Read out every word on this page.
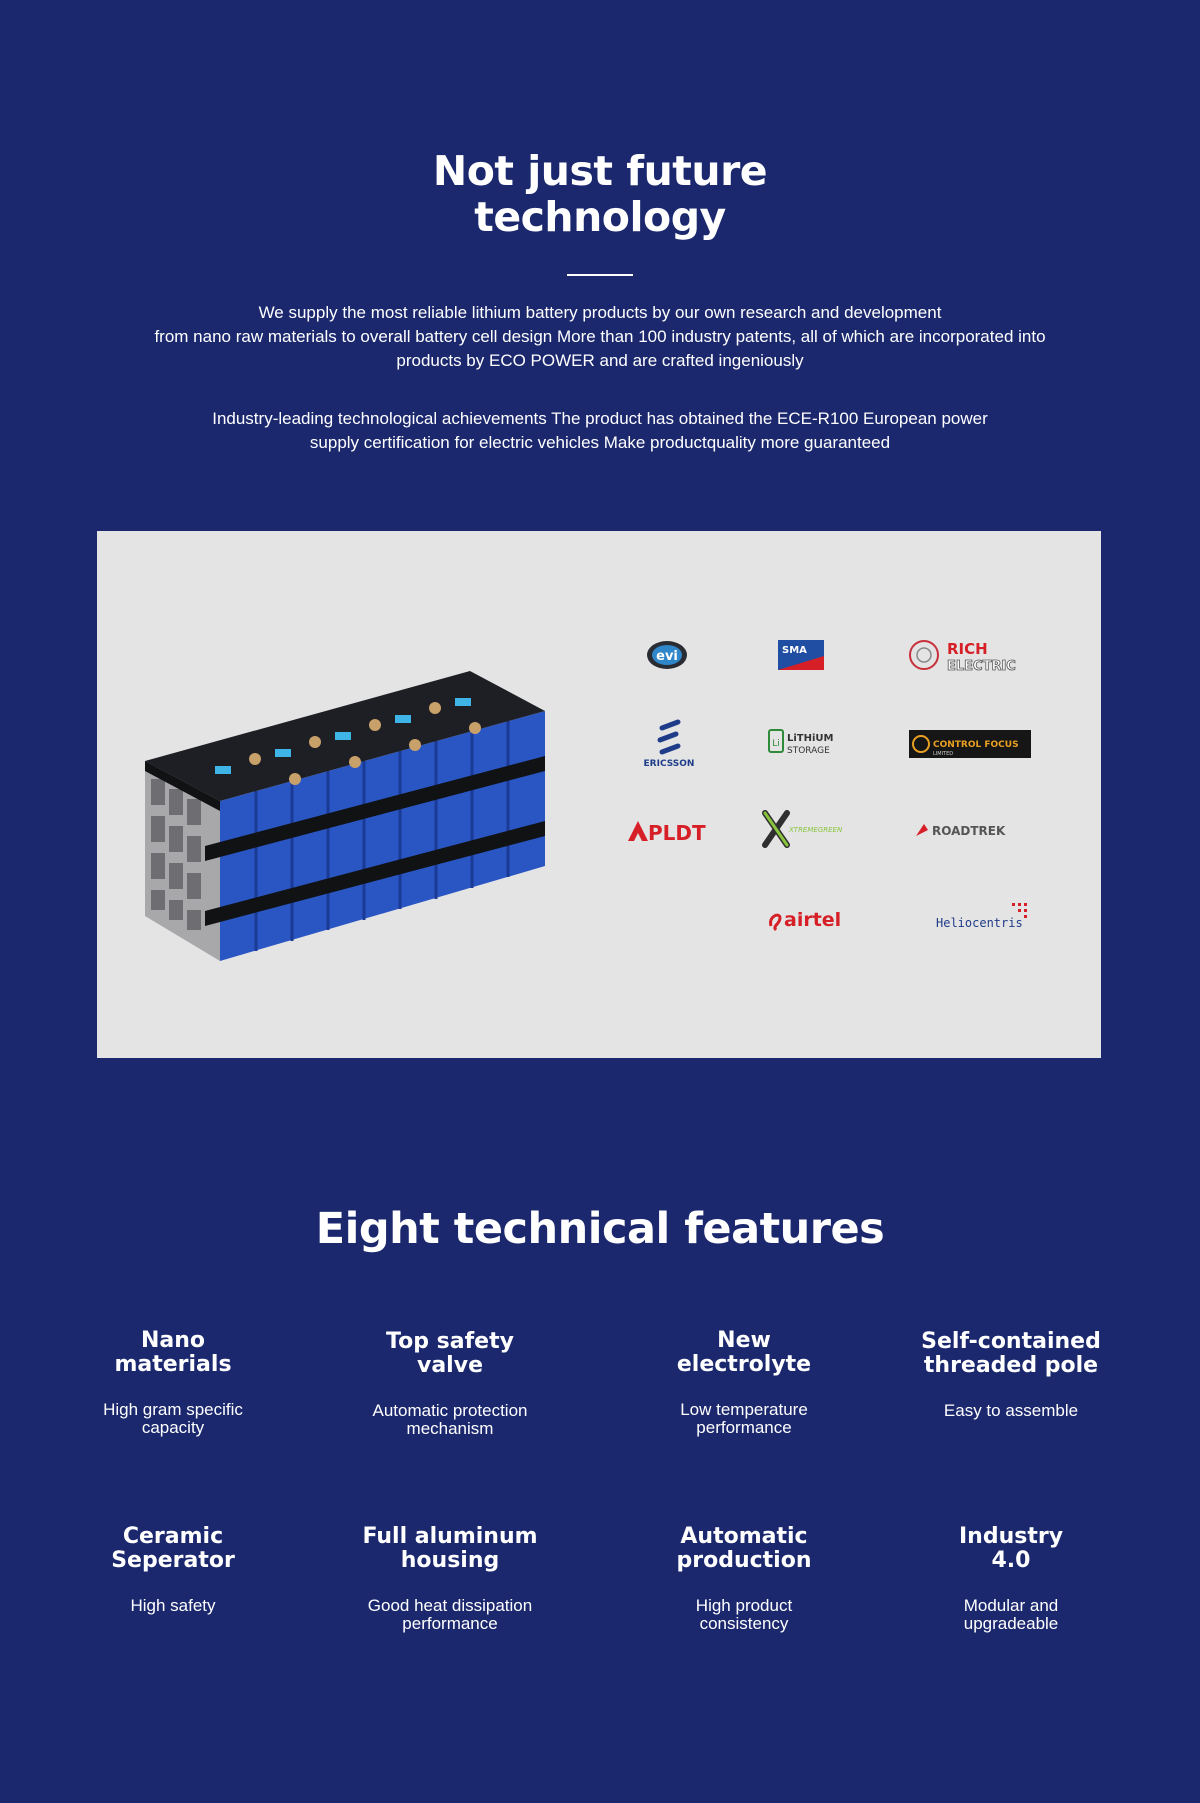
Not just future
technology
We supply the most reliable lithium battery products by our own research and development
from nano raw materials to overall battery cell design More than 100 industry patents, all of which are incorporated into
products by ECO POWER and are crafted ingeniously
Industry-leading technological achievements The product has obtained the ECE-R100 European power
supply certification for electric vehicles Make productquality more guaranteed
evi	SMA	RICH
ELECTRIC
ERICSSON
Li LiTHiUM
STORAGE
CONTROL FOCUS
LIMITED
PLDT	XTREMEGREEN	ROADTREK
airtel	Heliocentris
Eight technical features
Nano
materials

High gram specific
capacity

Top safety
valve

Automatic protection
mechanism

New
electrolyte

Low temperature
performance

Self-contained
threaded pole

Easy to assemble

Ceramic
Seperator

High safety

Full aluminum
housing

Good heat dissipation
performance

Automatic
production

High product
consistency

Industry
4.0

Modular and
upgradeable
